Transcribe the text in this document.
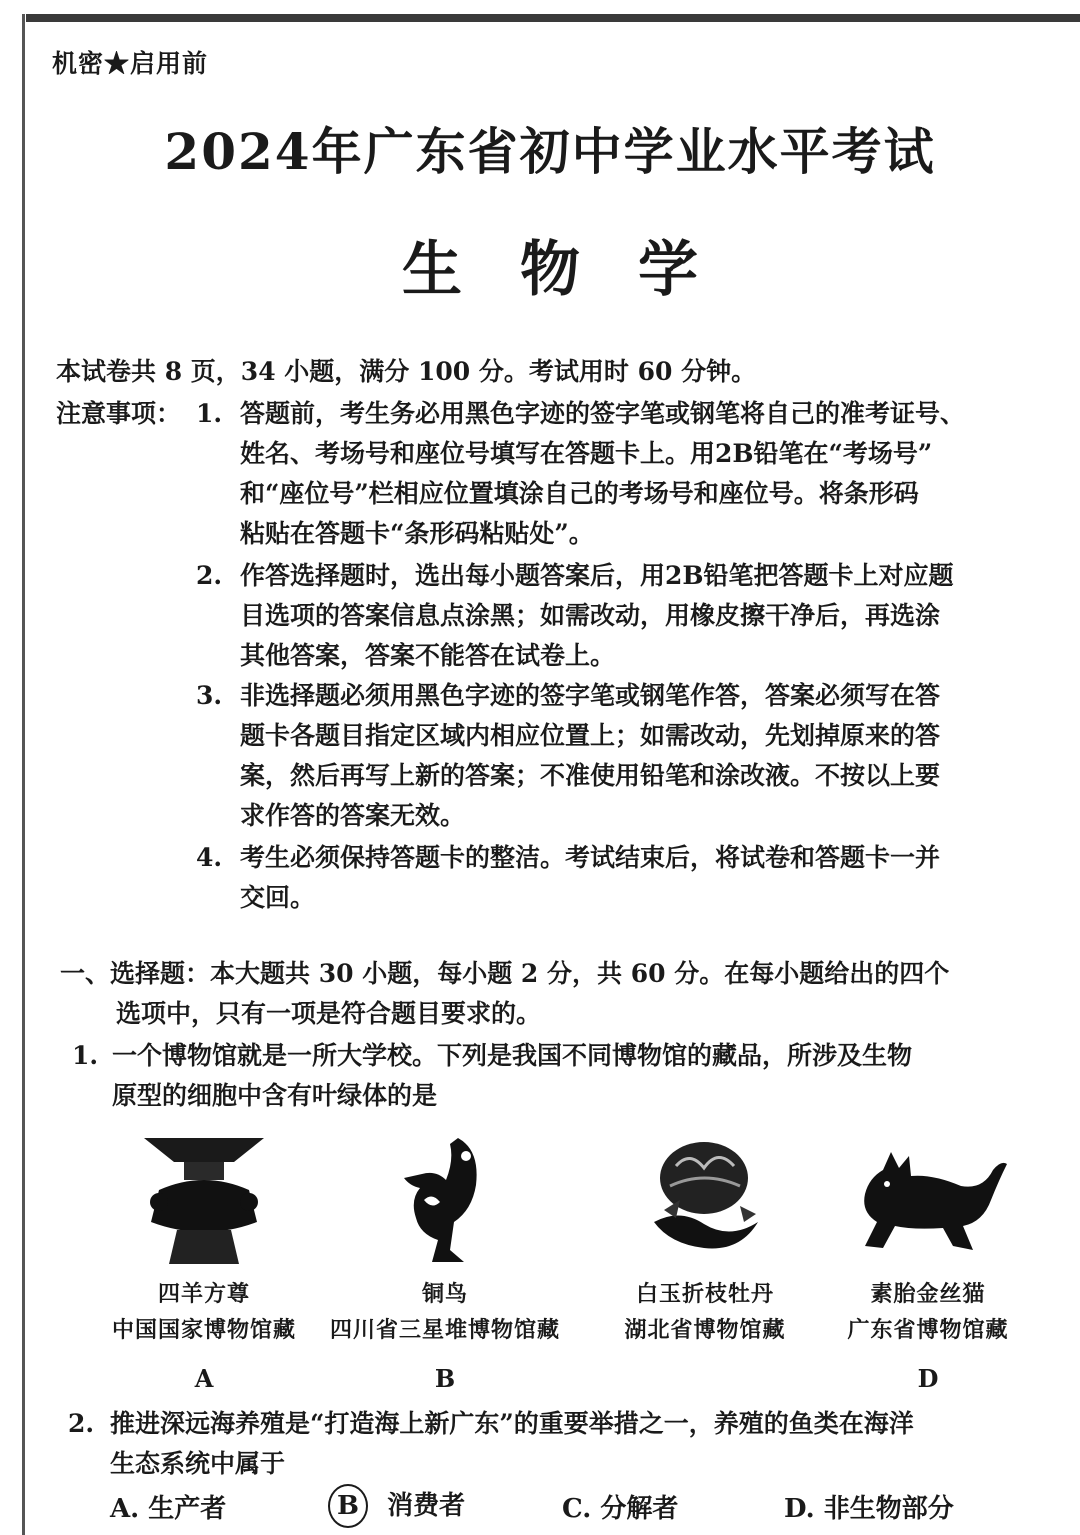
机密★启用前
2024年广东省初中学业水平考试
生物学
本试卷共 8 页，34 小题，满分 100 分。考试用时 60 分钟。
注意事项： 1. 答题前，考生务必用黑色字迹的签字笔或钢笔将自己的准考证号、
姓名、考场号和座位号填写在答题卡上。用2B铅笔在“考场号”
和“座位号”栏相应位置填涂自己的考场号和座位号。将条形码
粘贴在答题卡“条形码粘贴处”。
2. 作答选择题时，选出每小题答案后，用2B铅笔把答题卡上对应题
目选项的答案信息点涂黑；如需改动，用橡皮擦干净后，再选涂
其他答案，答案不能答在试卷上。
3. 非选择题必须用黑色字迹的签字笔或钢笔作答，答案必须写在答
题卡各题目指定区域内相应位置上；如需改动，先划掉原来的答
案，然后再写上新的答案；不准使用铅笔和涂改液。不按以上要
求作答的答案无效。
4. 考生必须保持答题卡的整洁。考试结束后，将试卷和答题卡一并
交回。
一、选择题：本大题共 30 小题，每小题 2 分，共 60 分。在每小题给出的四个
选项中，只有一项是符合题目要求的。
1. 一个博物馆就是一所大学校。下列是我国不同博物馆的藏品，所涉及生物
原型的细胞中含有叶绿体的是
四羊方尊
中国国家博物馆藏
A
铜鸟
四川省三星堆博物馆藏
B
白玉折枝牡丹
湖北省博物馆藏
素胎金丝猫
广东省博物馆藏
D
2. 推进深远海养殖是“打造海上新广东”的重要举措之一，养殖的鱼类在海洋
生态系统中属于
A. 生产者	B 消费者	C. 分解者	D. 非生物部分
